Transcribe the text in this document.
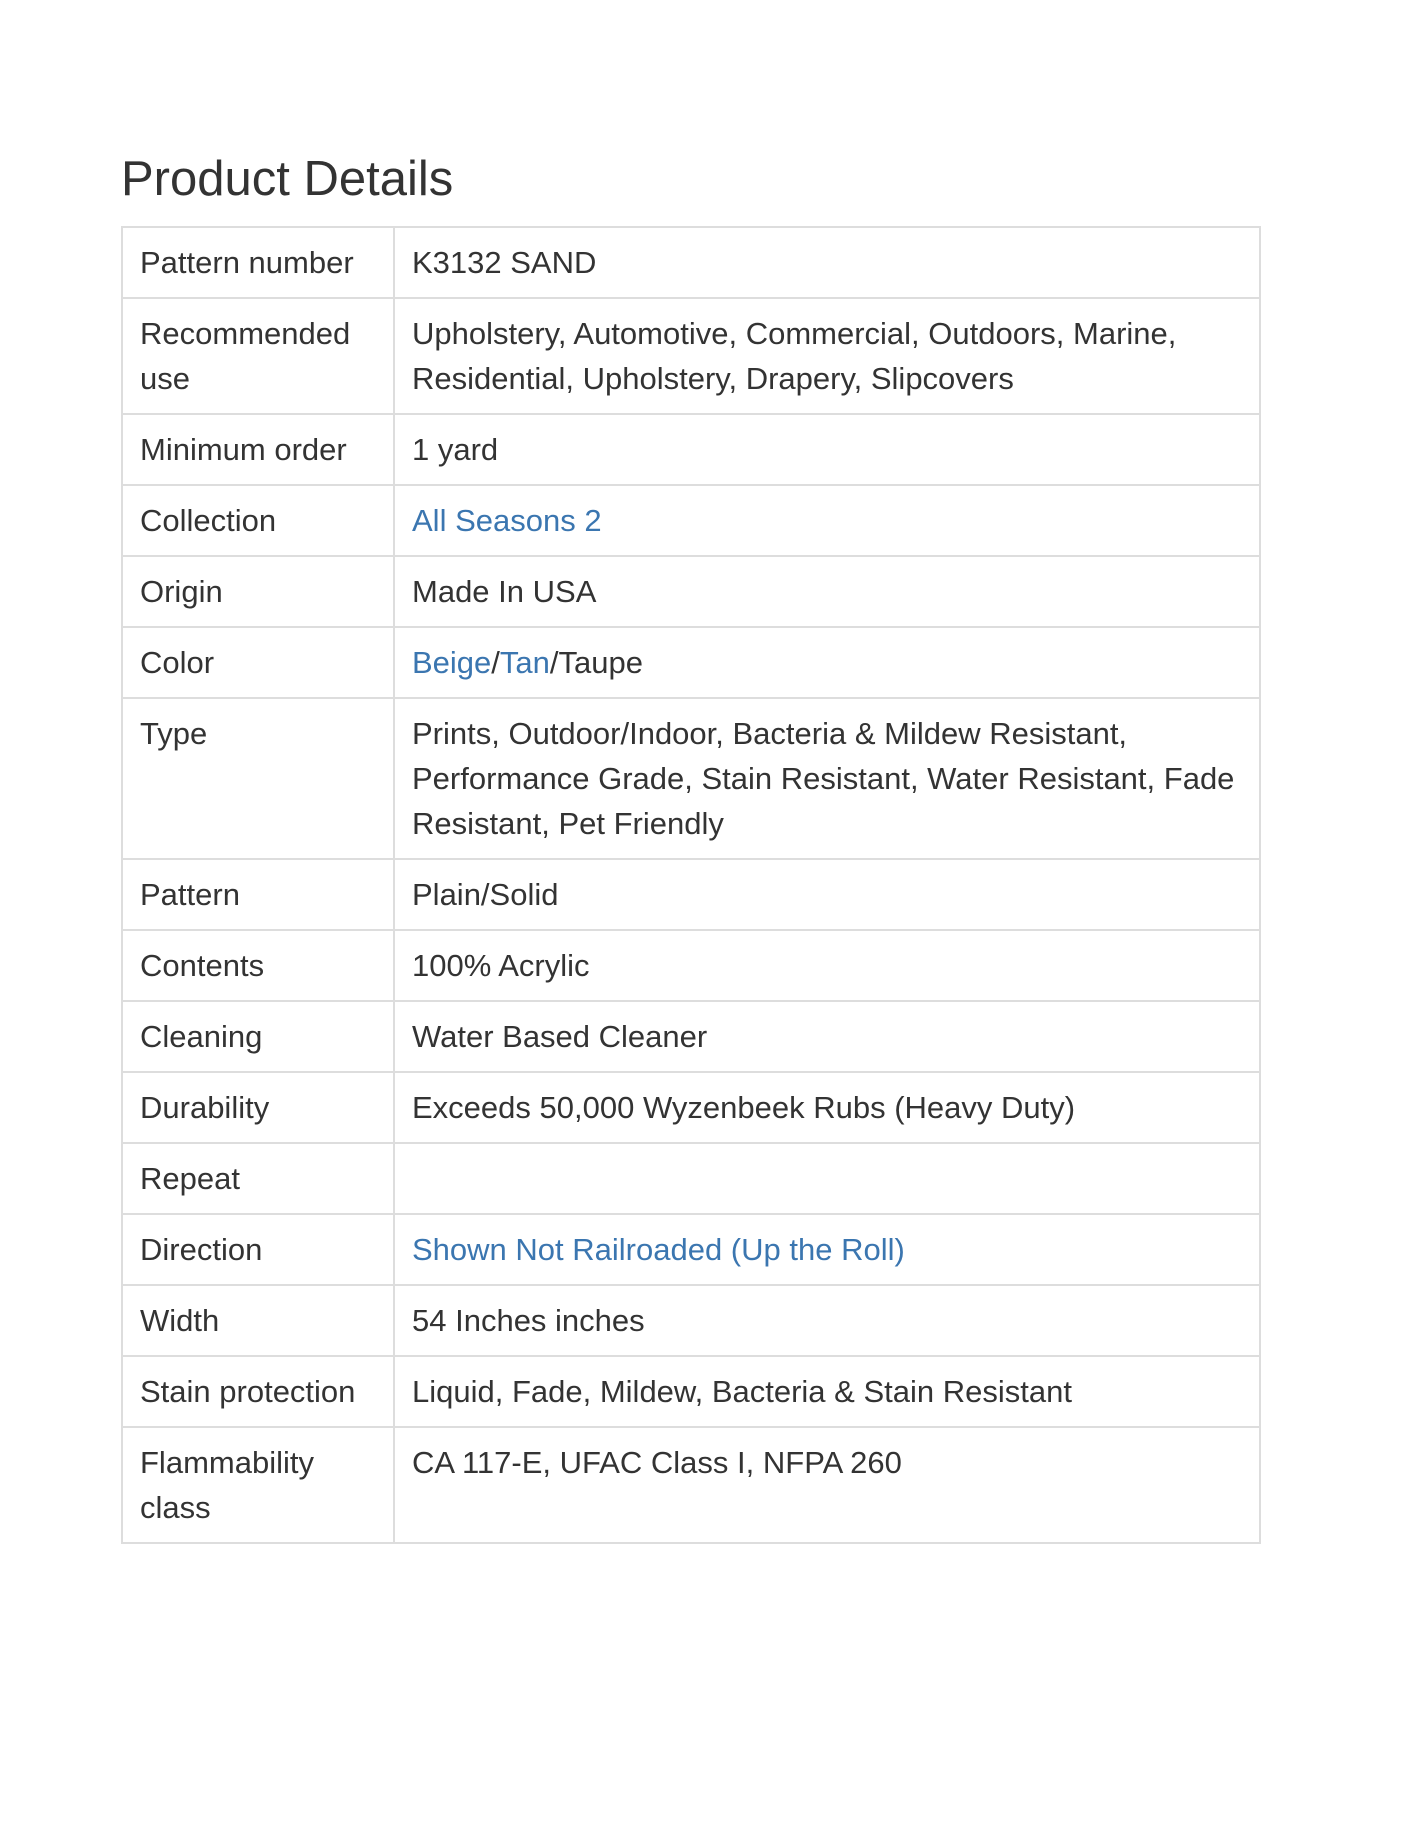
Product Details
Pattern number	K3132 SAND
Recommended use	Upholstery, Automotive, Commercial, Outdoors, Marine, Residential, Upholstery, Drapery, Slipcovers
Minimum order	1 yard
Collection	All Seasons 2
Origin	Made In USA
Color	Beige/Tan/Taupe
Type	Prints, Outdoor/Indoor, Bacteria & Mildew Resistant, Performance Grade, Stain Resistant, Water Resistant, Fade Resistant, Pet Friendly
Pattern	Plain/Solid
Contents	100% Acrylic
Cleaning	Water Based Cleaner
Durability	Exceeds 50,000 Wyzenbeek Rubs (Heavy Duty)
Repeat	
Direction	Shown Not Railroaded (Up the Roll)
Width	54 Inches inches
Stain protection	Liquid, Fade, Mildew, Bacteria & Stain Resistant
Flammability class	CA 117-E, UFAC Class I, NFPA 260
